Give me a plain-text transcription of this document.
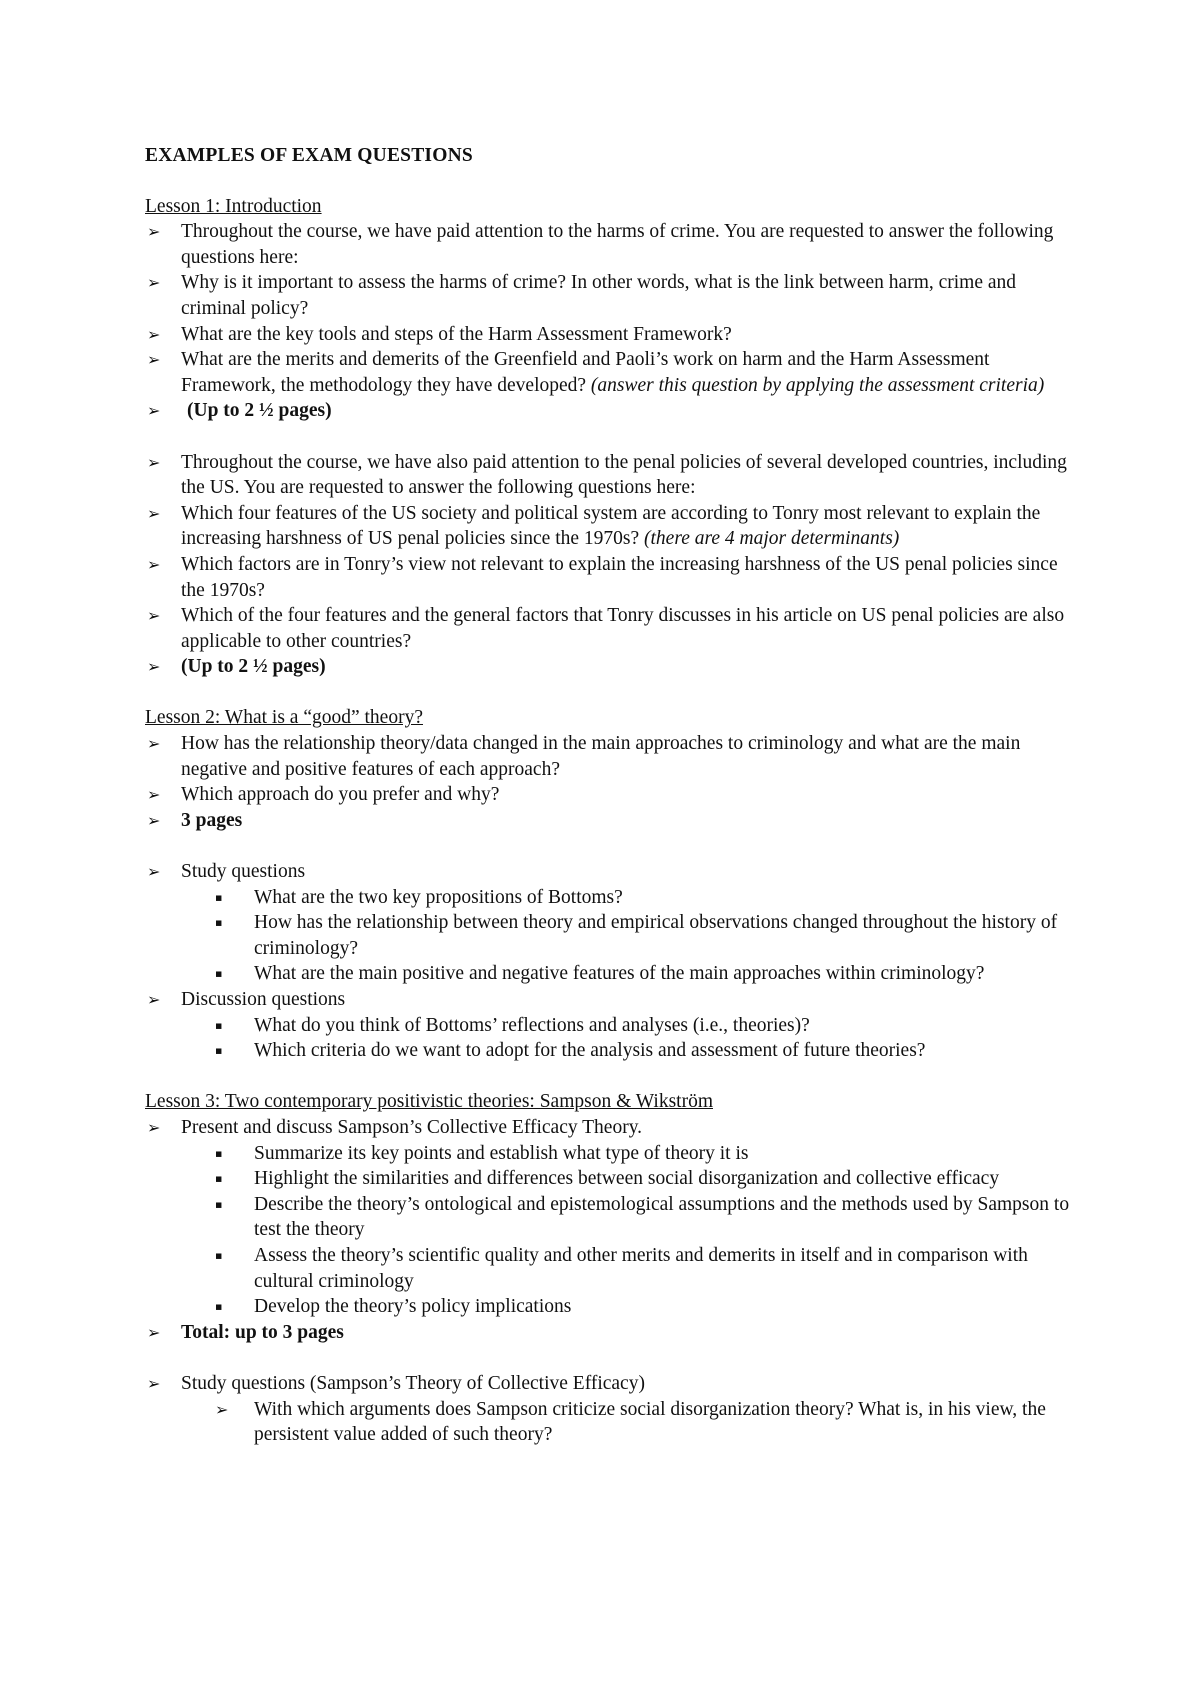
EXAMPLES OF EXAM QUESTIONS
Lesson 1: Introduction
➢ Throughout the course, we have paid attention to the harms of crime. You are requested to answer the following questions here:
➢ Why is it important to assess the harms of crime? In other words, what is the link between harm, crime and criminal policy?
➢ What are the key tools and steps of the Harm Assessment Framework?
➢ What are the merits and demerits of the Greenfield and Paoli’s work on harm and the Harm Assessment Framework, the methodology they have developed? (answer this question by applying the assessment criteria)
➢ (Up to 2 ½ pages)
➢ Throughout the course, we have also paid attention to the penal policies of several developed countries, including the US. You are requested to answer the following questions here:
➢ Which four features of the US society and political system are according to Tonry most relevant to explain the increasing harshness of US penal policies since the 1970s? (there are 4 major determinants)
➢ Which factors are in Tonry’s view not relevant to explain the increasing harshness of the US penal policies since the 1970s?
➢ Which of the four features and the general factors that Tonry discusses in his article on US penal policies are also applicable to other countries?
➢ (Up to 2 ½ pages)
Lesson 2: What is a “good” theory?
➢ How has the relationship theory/data changed in the main approaches to criminology and what are the main negative and positive features of each approach?
➢ Which approach do you prefer and why?
➢ 3 pages
➢ Study questions
▪ What are the two key propositions of Bottoms?
▪ How has the relationship between theory and empirical observations changed throughout the history of criminology?
▪ What are the main positive and negative features of the main approaches within criminology?
➢ Discussion questions
▪ What do you think of Bottoms’ reflections and analyses (i.e., theories)?
▪ Which criteria do we want to adopt for the analysis and assessment of future theories?
Lesson 3: Two contemporary positivistic theories: Sampson & Wikström
➢ Present and discuss Sampson’s Collective Efficacy Theory.
▪ Summarize its key points and establish what type of theory it is
▪ Highlight the similarities and differences between social disorganization and collective efficacy
▪ Describe the theory’s ontological and epistemological assumptions and the methods used by Sampson to test the theory
▪ Assess the theory’s scientific quality and other merits and demerits in itself and in comparison with cultural criminology
▪ Develop the theory’s policy implications
➢ Total: up to 3 pages
➢ Study questions (Sampson’s Theory of Collective Efficacy)
➢ With which arguments does Sampson criticize social disorganization theory? What is, in his view, the persistent value added of such theory?
